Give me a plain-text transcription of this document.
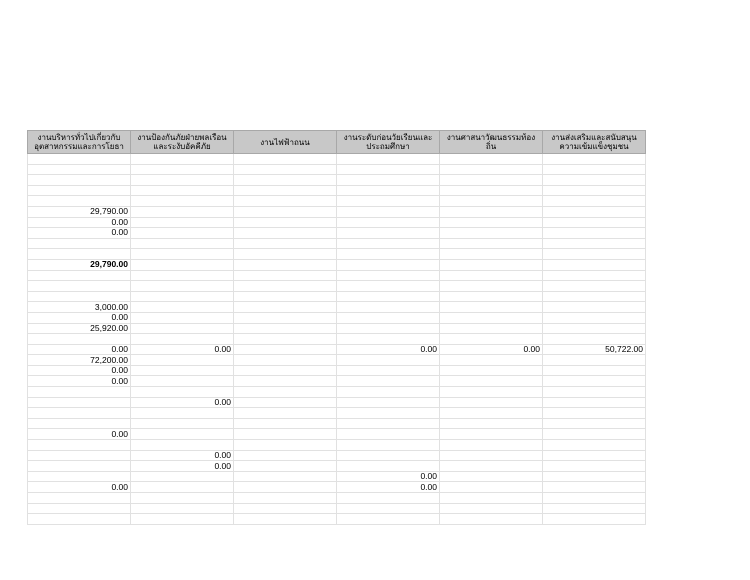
งานบริหารทั่วไปเกี่ยวกับอุตสาหกรรมและการโยธา	งานป้องกันภัยฝ่ายพลเรือนและระงับอัคคีภัย	งานไฟฟ้าถนน	งานระดับก่อนวัยเรียนและประถมศึกษา	งานศาสนาวัฒนธรรมท้องถิ่น	งานส่งเสริมและสนับสนุนความเข้มแข็งชุมชน

29,790.00					
0.00					
0.00					

29,790.00					

3,000.00					
0.00					
25,920.00					

0.00	0.00		0.00	0.00	50,722.00
72,200.00					
0.00					
0.00					

	0.00				

0.00					

	0.00				
	0.00				
			0.00		
0.00			0.00		
